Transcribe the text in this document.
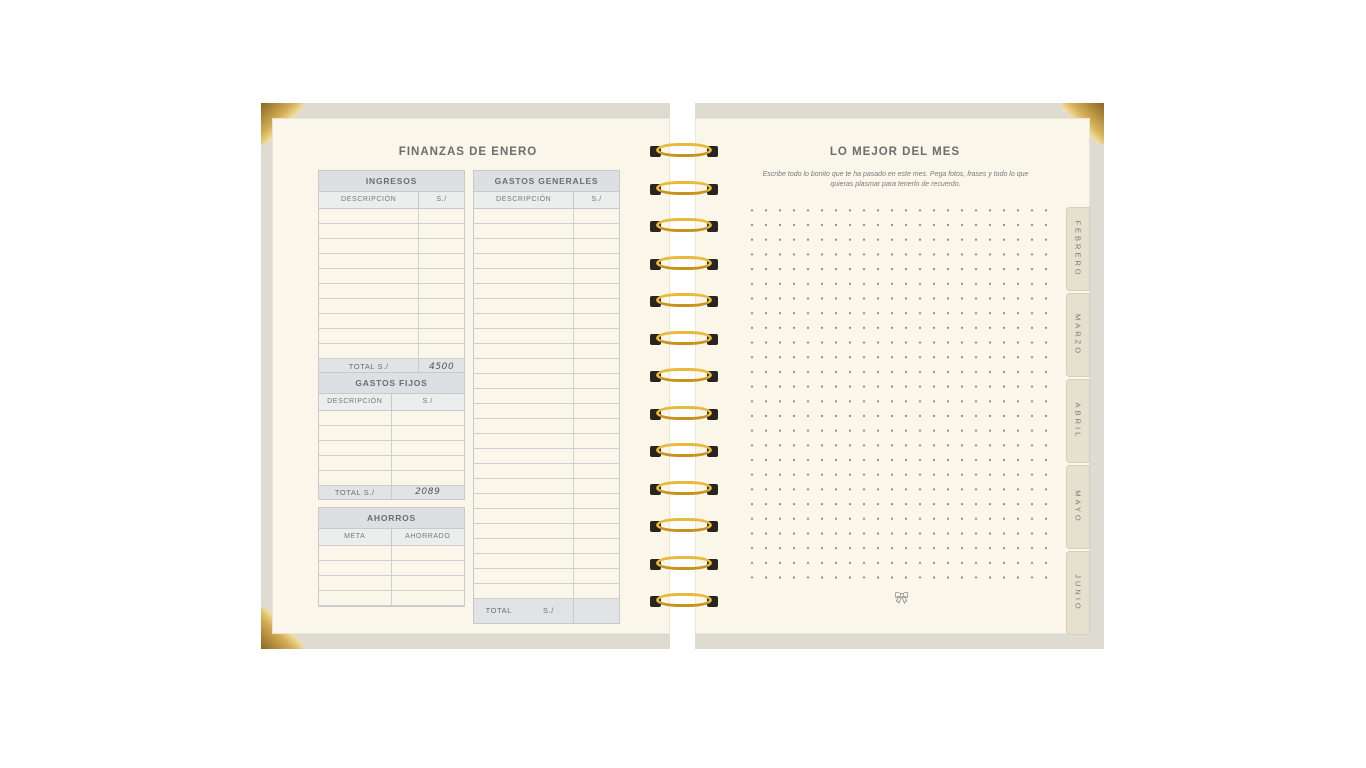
FINANZAS DE ENERO
INGRESOS
DESCRIPCIÓN	S./
TOTAL S./	4500
GASTOS GENERALES
DESCRIPCIÓN	S./
TOTAL	S./
GASTOS FIJOS
DESCRIPCIÓN	S./
TOTAL S./	2089
AHORROS
META	AHORRADO
LO MEJOR DEL MES
Escribe todo lo bonito que te ha pasado en este mes. Pega fotos, frases y todo lo que quieras plasmar para tenerlo de recuerdo.
🎀︎
FEBRERO
MARZO
ABRIL
MAYO
JUNIO
